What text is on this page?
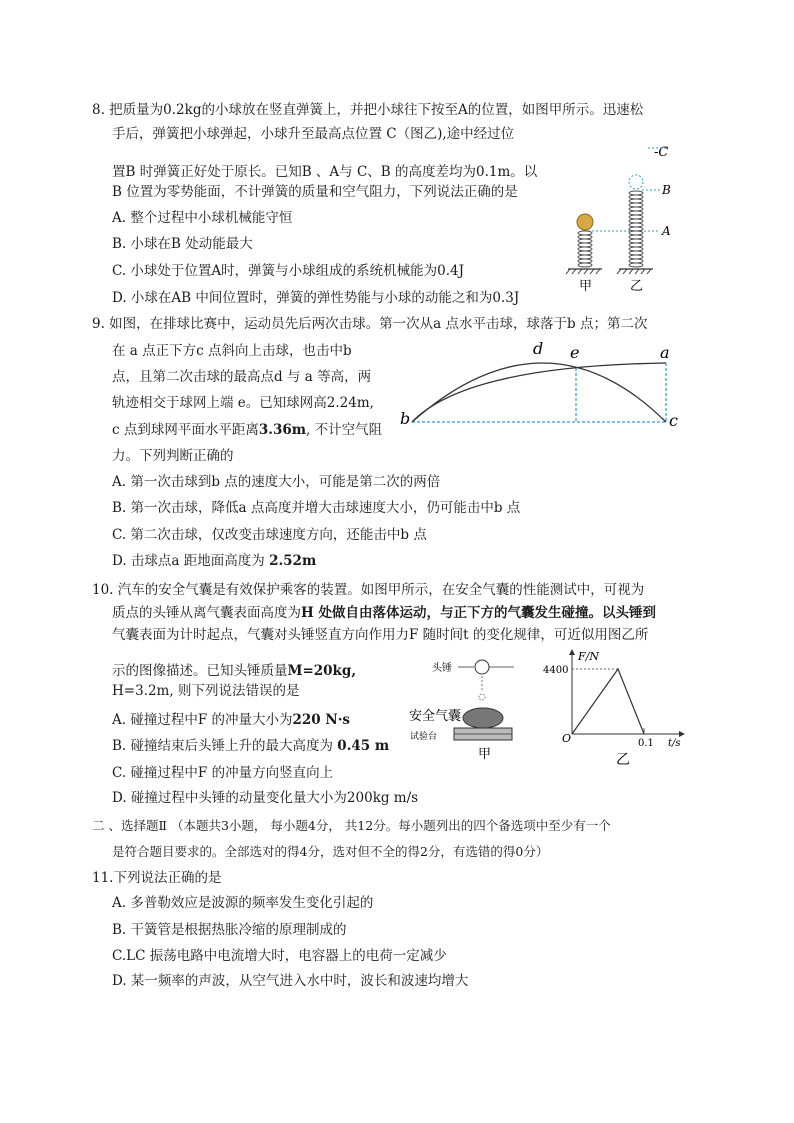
8. 把质量为0.2kg的小球放在竖直弹簧上，并把小球往下按至A的位置，如图甲所示。迅速松
手后，弹簧把小球弹起，小球升至最高点位置 C（图乙),途中经过位
置B 时弹簧正好处于原长。已知B 、A与 C、B 的高度差均为0.1m。以
B 位置为零势能面，不计弹簧的质量和空气阻力，下列说法正确的是
A. 整个过程中小球机械能守恒
B. 小球在B 处动能最大
C. 小球处于位置A时，弹簧与小球组成的系统机械能为0.4J
D. 小球在AB 中间位置时，弹簧的弹性势能与小球的动能之和为0.3J
-C
B
A
甲	乙
9. 如图，在排球比赛中，运动员先后两次击球。第一次从a 点水平击球，球落于b 点；第二次
在 a 点正下方c 点斜向上击球，也击中b
点，且第二次击球的最高点d 与 a 等高，两
轨迹相交于球网上端 e。已知球网高2.24m,
c 点到球网平面水平距离3.36m, 不计空气阻
力。下列判断正确的
A. 第一次击球到b 点的速度大小，可能是第二次的两倍
B. 第一次击球，降低a 点高度并增大击球速度大小，仍可能击中b 点
C. 第二次击球，仅改变击球速度方向，还能击中b 点
D. 击球点a 距地面高度为 2.52m
d e	a
b	c
10. 汽车的安全气囊是有效保护乘客的装置。如图甲所示，在安全气囊的性能测试中，可视为
质点的头锤从离气囊表面高度为H 处做自由落体运动，与正下方的气囊发生碰撞。以头锤到
气囊表面为计时起点，气囊对头锤竖直方向作用力F 随时间t 的变化规律，可近似用图乙所
示的图像描述。已知头锤质量M=20kg,
H=3.2m, 则下列说法错误的是
A. 碰撞过程中F 的冲量大小为220 N·s
B. 碰撞结束后头锤上升的最大高度为 0.45 m
C. 碰撞过程中F 的冲量方向竖直向上
D. 碰撞过程中头锤的动量变化量大小为200kg m/s
头锤
安全气囊
试验台
甲
F/N
4400
O	0.1 t/s
乙
二 、选择题Ⅱ （本题共3小题， 每小题4分， 共12分。每小题列出的四个备选项中至少有一个
是符合题目要求的。全部选对的得4分，选对但不全的得2分，有选错的得0分）
11.下列说法正确的是
A. 多普勒效应是波源的频率发生变化引起的
B. 干簧管是根据热胀冷缩的原理制成的
C.LC 振荡电路中电流增大时，电容器上的电荷一定减少
D. 某一频率的声波，从空气进入水中时，波长和波速均增大
